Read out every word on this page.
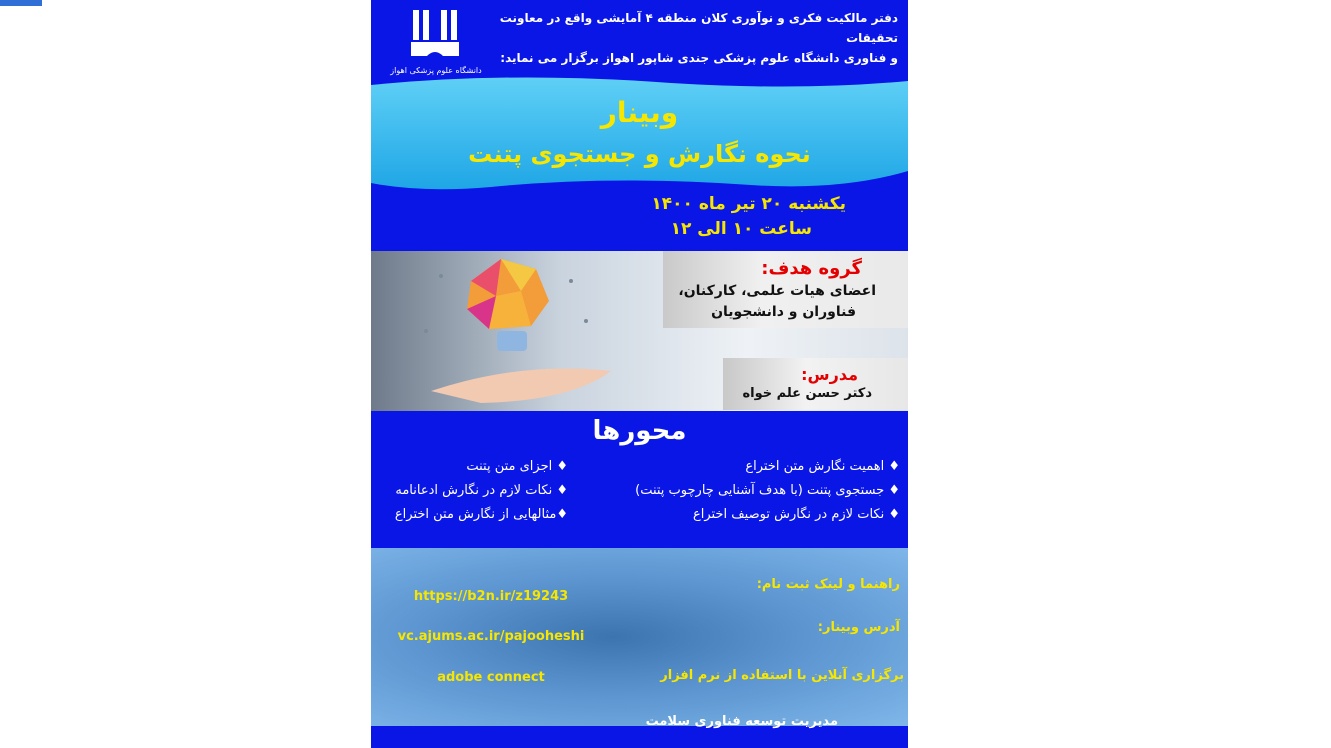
دانشگاه علوم پزشکی اهواز
دفتر مالکیت فکری و نوآوری کلان منطقه ۴ آمایشی واقع در معاونت تحقیقات
و فناوری دانشگاه علوم پزشکی جندی شاپور اهواز برگزار می نماید:
وبینار
نحوه نگارش و جستجوی پتنت
یکشنبه ۲۰ تیر ماه ۱۴۰۰
ساعت ۱۰ الی ۱۲
گروه هدف:
اعضای هیات علمی، کارکنان،
فناوران و دانشجویان
مدرس:
دکتر حسن علم خواه
محورها
♦ اهمیت نگارش متن اختراع
♦ جستجوی پتنت (با هدف آشنایی چارچوب پتنت)
♦ نکات لازم در نگارش توصیف اختراع
♦ اجزای متن پتنت
♦ نکات لازم در نگارش ادعانامه
♦مثالهایی از نگارش متن اختراع
راهنما و لینک ثبت نام:
https://b2n.ir/z19243
آدرس وبینار:
vc.ajums.ac.ir/pajooheshi
برگزاری آنلاین با استفاده از نرم افزار
adobe connect
مدیریت توسعه فناوری سلامت
